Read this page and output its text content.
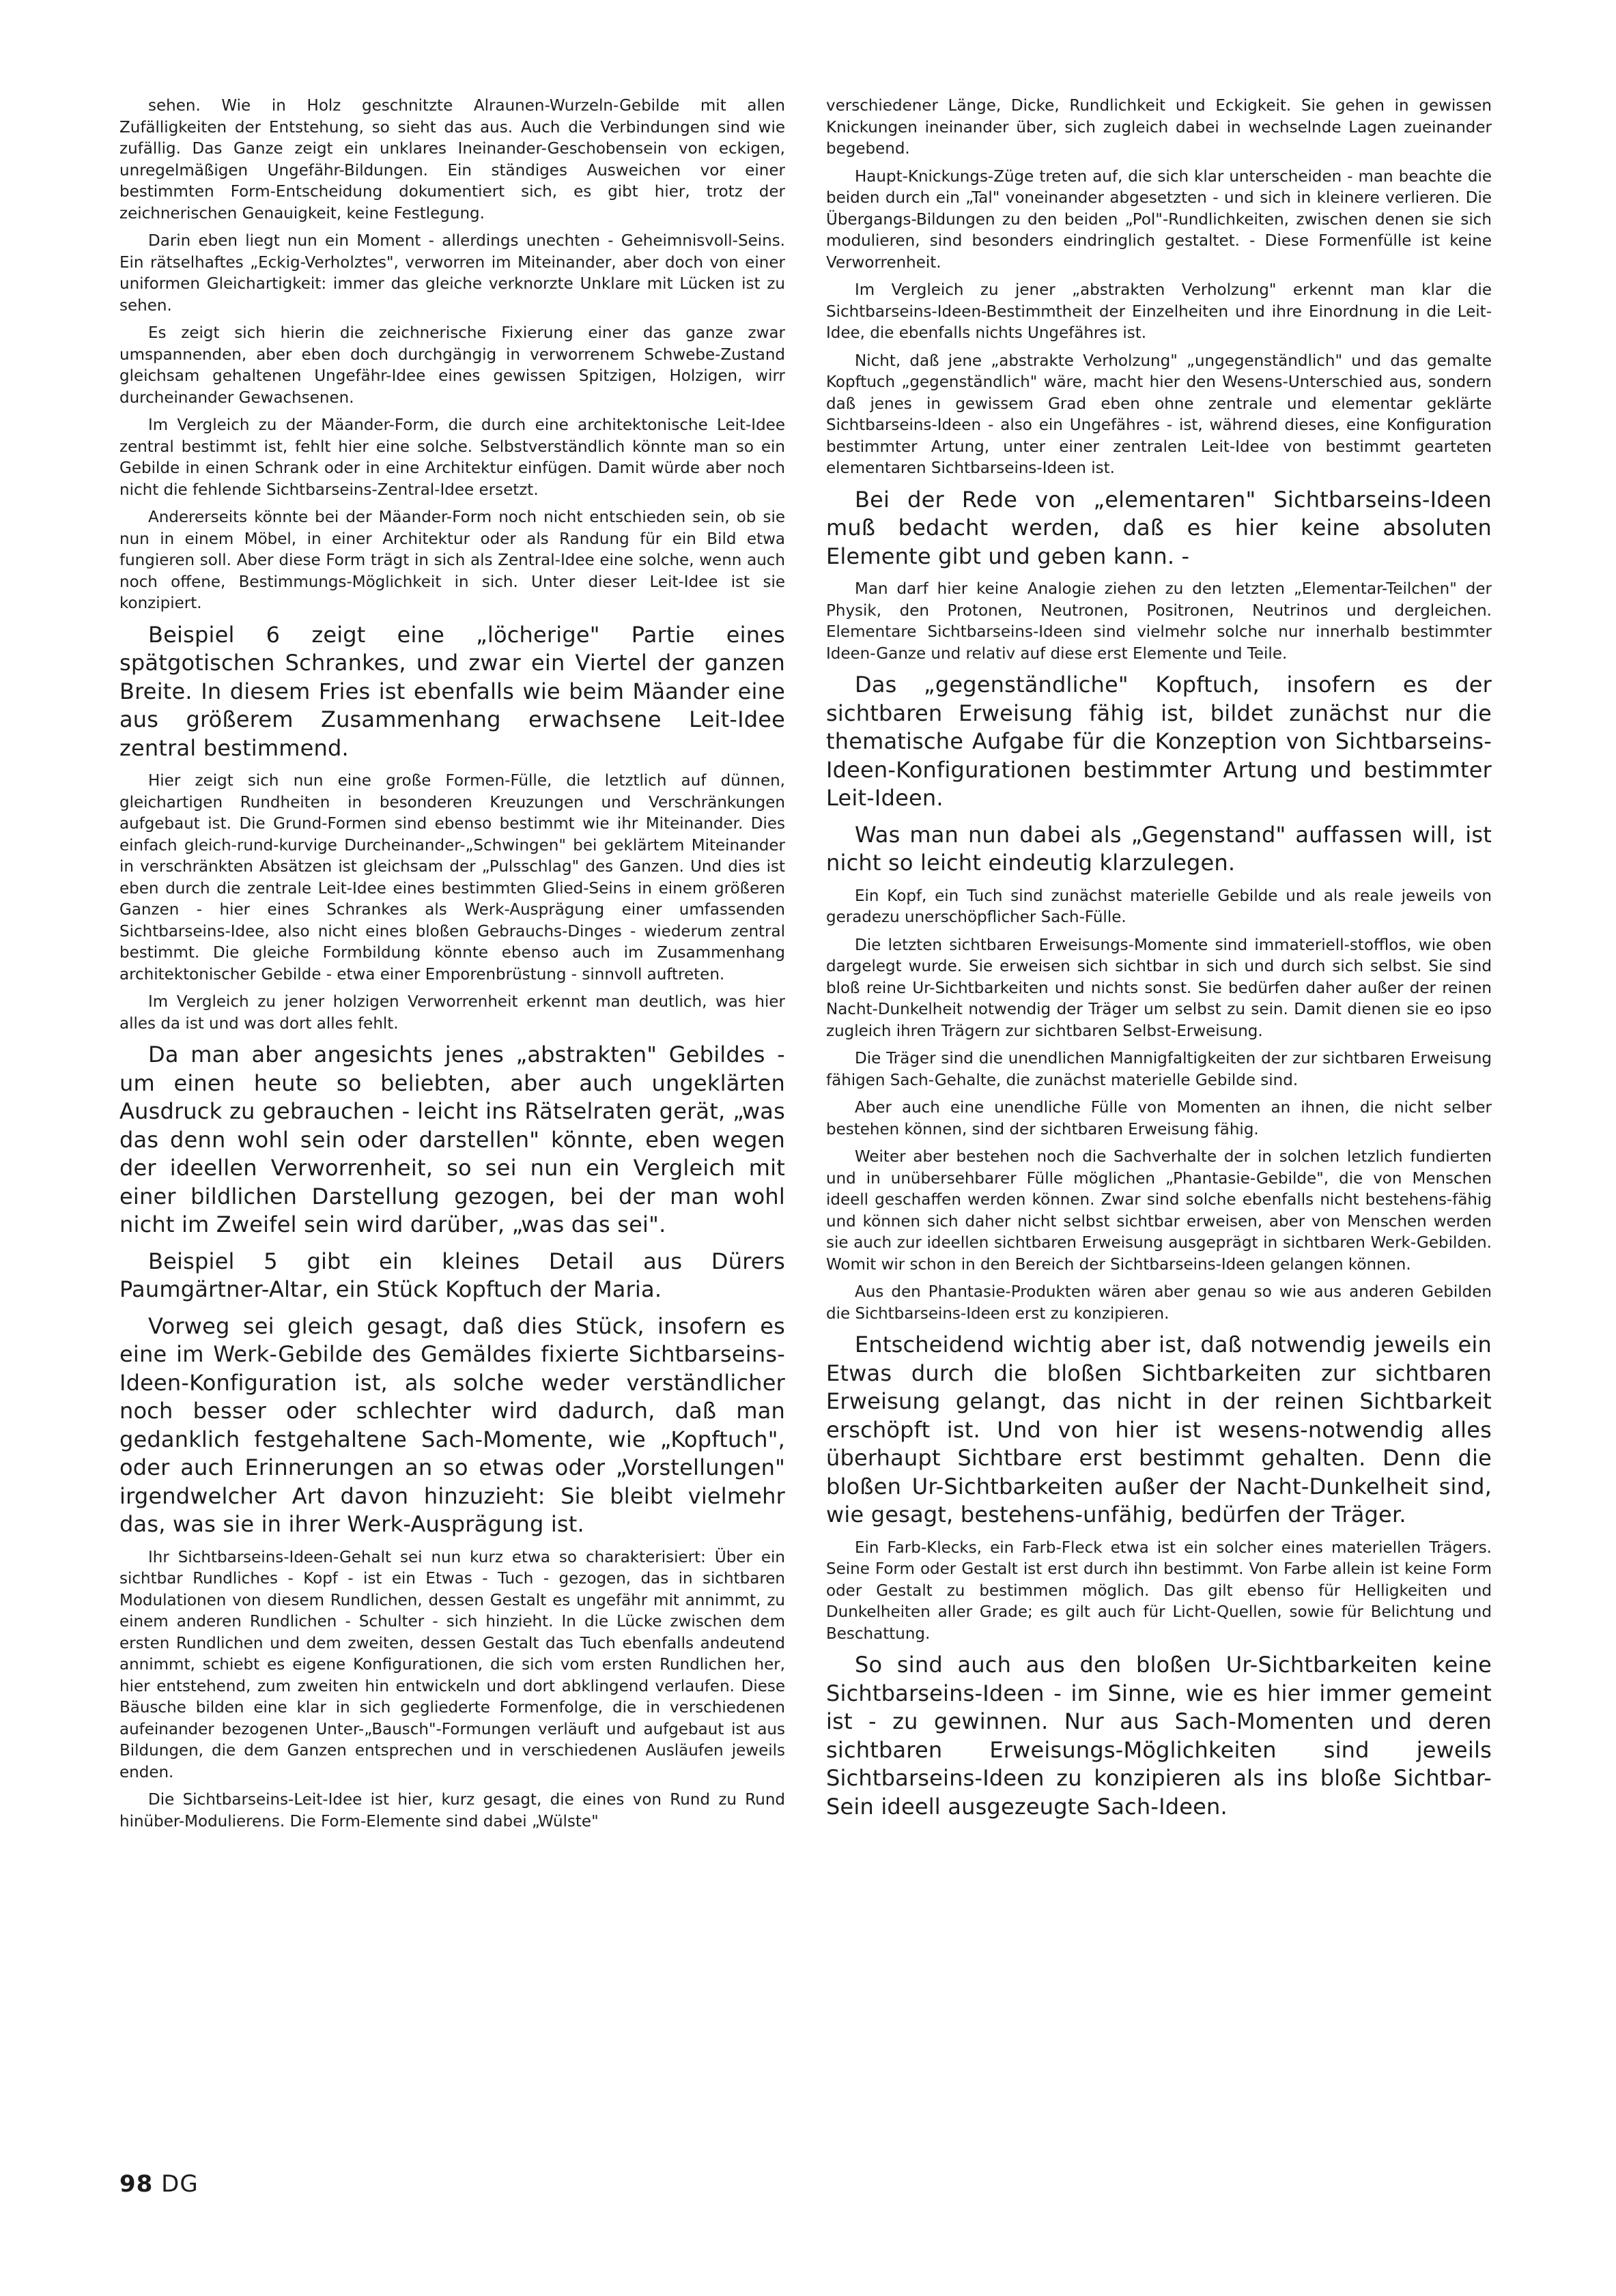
sehen. Wie in Holz geschnitzte Alraunen-Wurzeln-Gebilde mit allen Zufälligkeiten der Entstehung, so sieht das aus. Auch die Verbindungen sind wie zufällig. Das Ganze zeigt ein unklares Ineinander-Geschobensein von eckigen, unregelmäßigen Ungefähr-Bildungen. Ein ständiges Ausweichen vor einer bestimmten Form-Entscheidung dokumentiert sich, es gibt hier, trotz der zeichnerischen Genauigkeit, keine Festlegung.

Darin eben liegt nun ein Moment - allerdings unechten - Geheimnisvoll-Seins. Ein rätselhaftes „Eckig-Verholztes", verworren im Miteinander, aber doch von einer uniformen Gleichartigkeit: immer das gleiche verknorzte Unklare mit Lücken ist zu sehen.

Es zeigt sich hierin die zeichnerische Fixierung einer das ganze zwar umspannenden, aber eben doch durchgängig in verworrenem Schwebe-Zustand gleichsam gehaltenen Ungefähr-Idee eines gewissen Spitzigen, Holzigen, wirr durcheinander Gewachsenen.

Im Vergleich zu der Mäander-Form, die durch eine architektonische Leit-Idee zentral bestimmt ist, fehlt hier eine solche. Selbstverständlich könnte man so ein Gebilde in einen Schrank oder in eine Architektur einfügen. Damit würde aber noch nicht die fehlende Sichtbarseins-Zentral-Idee ersetzt.

Andererseits könnte bei der Mäander-Form noch nicht entschieden sein, ob sie nun in einem Möbel, in einer Architektur oder als Randung für ein Bild etwa fungieren soll. Aber diese Form trägt in sich als Zentral-Idee eine solche, wenn auch noch offene, Bestimmungs-Möglichkeit in sich. Unter dieser Leit-Idee ist sie konzipiert.

Beispiel 6 zeigt eine „löcherige" Partie eines spätgotischen Schrankes, und zwar ein Viertel der ganzen Breite. In diesem Fries ist ebenfalls wie beim Mäander eine aus größerem Zusammenhang erwachsene Leit-Idee zentral bestimmend.

Hier zeigt sich nun eine große Formen-Fülle, die letztlich auf dünnen, gleichartigen Rundheiten in besonderen Kreuzungen und Verschränkungen aufgebaut ist. Die Grund-Formen sind ebenso bestimmt wie ihr Miteinander. Dies einfach gleich-rund-kurvige Durcheinander-„Schwingen" bei geklärtem Miteinander in verschränkten Absätzen ist gleichsam der „Pulsschlag" des Ganzen. Und dies ist eben durch die zentrale Leit-Idee eines bestimmten Glied-Seins in einem größeren Ganzen - hier eines Schrankes als Werk-Ausprägung einer umfassenden Sichtbarseins-Idee, also nicht eines bloßen Gebrauchs-Dinges - wiederum zentral bestimmt. Die gleiche Formbildung könnte ebenso auch im Zusammenhang architektonischer Gebilde - etwa einer Emporenbrüstung - sinnvoll auftreten.

Im Vergleich zu jener holzigen Verworrenheit erkennt man deutlich, was hier alles da ist und was dort alles fehlt.

Da man aber angesichts jenes „abstrakten" Gebildes - um einen heute so beliebten, aber auch ungeklärten Ausdruck zu gebrauchen - leicht ins Rätselraten gerät, „was das denn wohl sein oder darstellen" könnte, eben wegen der ideellen Verworrenheit, so sei nun ein Vergleich mit einer bildlichen Darstellung gezogen, bei der man wohl nicht im Zweifel sein wird darüber, „was das sei".

Beispiel 5 gibt ein kleines Detail aus Dürers Paumgärtner-Altar, ein Stück Kopftuch der Maria.

Vorweg sei gleich gesagt, daß dies Stück, insofern es eine im Werk-Gebilde des Gemäldes fixierte Sichtbarseins-Ideen-Konfiguration ist, als solche weder verständlicher noch besser oder schlechter wird dadurch, daß man gedanklich festgehaltene Sach-Momente, wie „Kopftuch", oder auch Erinnerungen an so etwas oder „Vorstellungen" irgendwelcher Art davon hinzuzieht: Sie bleibt vielmehr das, was sie in ihrer Werk-Ausprägung ist.

Ihr Sichtbarseins-Ideen-Gehalt sei nun kurz etwa so charakterisiert: Über ein sichtbar Rundliches - Kopf - ist ein Etwas - Tuch - gezogen, das in sichtbaren Modulationen von diesem Rundlichen, dessen Gestalt es ungefähr mit annimmt, zu einem anderen Rundlichen - Schulter - sich hinzieht. In die Lücke zwischen dem ersten Rundlichen und dem zweiten, dessen Gestalt das Tuch ebenfalls andeutend annimmt, schiebt es eigene Konfigurationen, die sich vom ersten Rundlichen her, hier entstehend, zum zweiten hin entwickeln und dort abklingend verlaufen. Diese Bäusche bilden eine klar in sich gegliederte Formenfolge, die in verschiedenen aufeinander bezogenen Unter-„Bausch"-Formungen verläuft und aufgebaut ist aus Bildungen, die dem Ganzen entsprechen und in verschiedenen Ausläufen jeweils enden.

Die Sichtbarseins-Leit-Idee ist hier, kurz gesagt, die eines von Rund zu Rund hinüber-Modulierens. Die Form-Elemente sind dabei „Wülste"

verschiedener Länge, Dicke, Rundlichkeit und Eckigkeit. Sie gehen in gewissen Knickungen ineinander über, sich zugleich dabei in wechselnde Lagen zueinander begebend.

Haupt-Knickungs-Züge treten auf, die sich klar unterscheiden - man beachte die beiden durch ein „Tal" voneinander abgesetzten - und sich in kleinere verlieren. Die Übergangs-Bildungen zu den beiden „Pol"-Rundlichkeiten, zwischen denen sie sich modulieren, sind besonders eindringlich gestaltet. - Diese Formenfülle ist keine Verworrenheit.

Im Vergleich zu jener „abstrakten Verholzung" erkennt man klar die Sichtbarseins-Ideen-Bestimmtheit der Einzelheiten und ihre Einordnung in die Leit-Idee, die ebenfalls nichts Ungefähres ist.

Nicht, daß jene „abstrakte Verholzung" „ungegenständlich" und das gemalte Kopftuch „gegenständlich" wäre, macht hier den Wesens-Unterschied aus, sondern daß jenes in gewissem Grad eben ohne zentrale und elementar geklärte Sichtbarseins-Ideen - also ein Ungefähres - ist, während dieses, eine Konfiguration bestimmter Artung, unter einer zentralen Leit-Idee von bestimmt gearteten elementaren Sichtbarseins-Ideen ist.

Bei der Rede von „elementaren" Sichtbarseins-Ideen muß bedacht werden, daß es hier keine absoluten Elemente gibt und geben kann. -

Man darf hier keine Analogie ziehen zu den letzten „Elementar-Teilchen" der Physik, den Protonen, Neutronen, Positronen, Neutrinos und dergleichen. Elementare Sichtbarseins-Ideen sind vielmehr solche nur innerhalb bestimmter Ideen-Ganze und relativ auf diese erst Elemente und Teile.

Das „gegenständliche" Kopftuch, insofern es der sichtbaren Erweisung fähig ist, bildet zunächst nur die thematische Aufgabe für die Konzeption von Sichtbarseins-Ideen-Konfigurationen bestimmter Artung und bestimmter Leit-Ideen.

Was man nun dabei als „Gegenstand" auffassen will, ist nicht so leicht eindeutig klarzulegen.

Ein Kopf, ein Tuch sind zunächst materielle Gebilde und als reale jeweils von geradezu unerschöpflicher Sach-Fülle.

Die letzten sichtbaren Erweisungs-Momente sind immateriell-stofflos, wie oben dargelegt wurde. Sie erweisen sich sichtbar in sich und durch sich selbst. Sie sind bloß reine Ur-Sichtbarkeiten und nichts sonst. Sie bedürfen daher außer der reinen Nacht-Dunkelheit notwendig der Träger um selbst zu sein. Damit dienen sie eo ipso zugleich ihren Trägern zur sichtbaren Selbst-Erweisung.

Die Träger sind die unendlichen Mannigfaltigkeiten der zur sichtbaren Erweisung fähigen Sach-Gehalte, die zunächst materielle Gebilde sind.

Aber auch eine unendliche Fülle von Momenten an ihnen, die nicht selber bestehen können, sind der sichtbaren Erweisung fähig.

Weiter aber bestehen noch die Sachverhalte der in solchen letzlich fundierten und in unübersehbarer Fülle möglichen „Phantasie-Gebilde", die von Menschen ideell geschaffen werden können. Zwar sind solche ebenfalls nicht bestehens-fähig und können sich daher nicht selbst sichtbar erweisen, aber von Menschen werden sie auch zur ideellen sichtbaren Erweisung ausgeprägt in sichtbaren Werk-Gebilden. Womit wir schon in den Bereich der Sichtbarseins-Ideen gelangen können.

Aus den Phantasie-Produkten wären aber genau so wie aus anderen Gebilden die Sichtbarseins-Ideen erst zu konzipieren.

Entscheidend wichtig aber ist, daß notwendig jeweils ein Etwas durch die bloßen Sichtbarkeiten zur sichtbaren Erweisung gelangt, das nicht in der reinen Sichtbarkeit erschöpft ist. Und von hier ist wesens-notwendig alles überhaupt Sichtbare erst bestimmt gehalten. Denn die bloßen Ur-Sichtbarkeiten außer der Nacht-Dunkelheit sind, wie gesagt, bestehens-unfähig, bedürfen der Träger.

Ein Farb-Klecks, ein Farb-Fleck etwa ist ein solcher eines materiellen Trägers. Seine Form oder Gestalt ist erst durch ihn bestimmt. Von Farbe allein ist keine Form oder Gestalt zu bestimmen möglich. Das gilt ebenso für Helligkeiten und Dunkelheiten aller Grade; es gilt auch für Licht-Quellen, sowie für Belichtung und Beschattung.

So sind auch aus den bloßen Ur-Sichtbarkeiten keine Sichtbarseins-Ideen - im Sinne, wie es hier immer gemeint ist - zu gewinnen. Nur aus Sach-Momenten und deren sichtbaren Erweisungs-Möglichkeiten sind jeweils Sichtbarseins-Ideen zu konzipieren als ins bloße Sichtbar-Sein ideell ausgezeugte Sach-Ideen.

98 DG
